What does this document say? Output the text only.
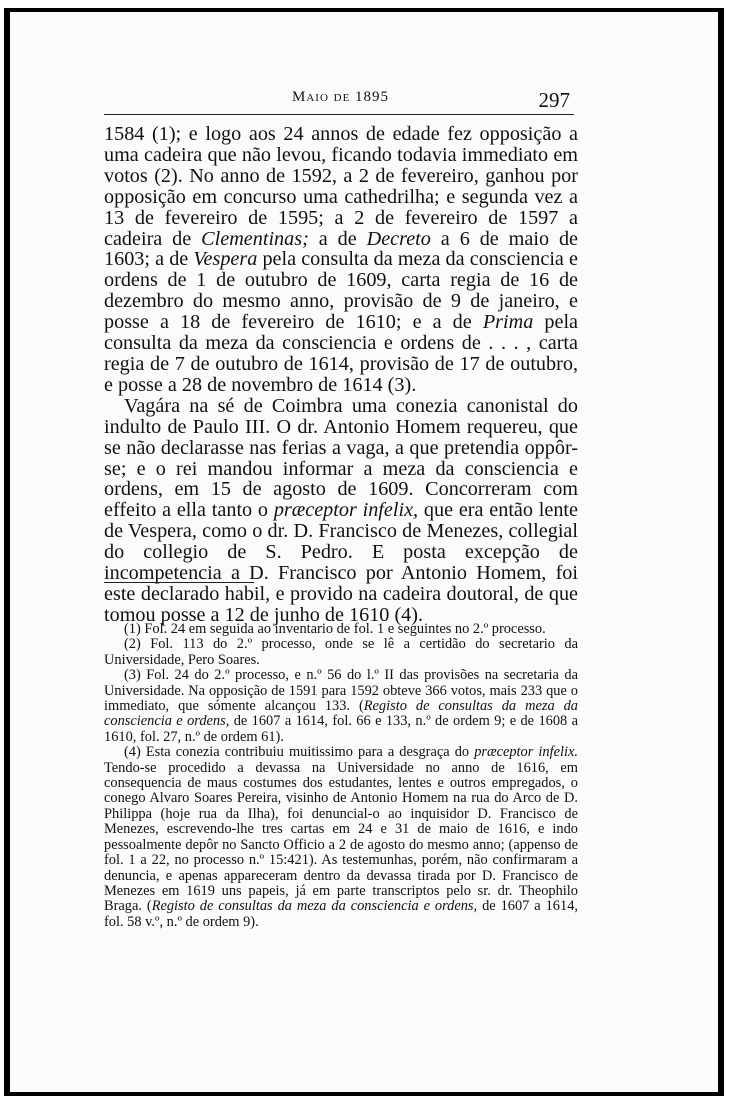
Maio de 1895	297

1584 (1); e logo aos 24 annos de edade fez opposição a uma cadeira que não levou, ficando todavia immediato em votos (2). No anno de 1592, a 2 de fevereiro, ganhou por opposição em concurso uma cathedrilha; e segunda vez a 13 de fevereiro de 1595; a 2 de fevereiro de 1597 a cadeira de Clementinas; a de Decreto a 6 de maio de 1603; a de Vespera pela consulta da meza da consciencia e ordens de 1 de outubro de 1609, carta regia de 16 de dezembro do mesmo anno, provisão de 9 de janeiro, e posse a 18 de fevereiro de 1610; e a de Prima pela consulta da meza da consciencia e ordens de . . . , carta regia de 7 de outubro de 1614, provisão de 17 de outubro, e posse a 28 de novembro de 1614 (3).

Vagára na sé de Coimbra uma conezia canonistal do indulto de Paulo III. O dr. Antonio Homem requereu, que se não declarasse nas ferias a vaga, a que pretendia oppôr-se; e o rei mandou informar a meza da consciencia e ordens, em 15 de agosto de 1609. Concorreram com effeito a ella tanto o præceptor infelix, que era então lente de Vespera, como o dr. D. Francisco de Menezes, collegial do collegio de S. Pedro. E posta excepção de incompetencia a D. Francisco por Antonio Homem, foi este declarado habil, e provido na cadeira doutoral, de que tomou posse a 12 de junho de 1610 (4).

(1) Fol. 24 em seguida ao inventario de fol. 1 e seguintes no 2.º processo.

(2) Fol. 113 do 2.º processo, onde se lê a certidão do secretario da Universidade, Pero Soares.

(3) Fol. 24 do 2.º processo, e n.º 56 do l.º II das provisões na secretaria da Universidade. Na opposição de 1591 para 1592 obteve 366 votos, mais 233 que o immediato, que sómente alcançou 133. (Registo de consultas da meza da consciencia e ordens, de 1607 a 1614, fol. 66 e 133, n.º de ordem 9; e de 1608 a 1610, fol. 27, n.º de ordem 61).

(4) Esta conezia contribuiu muitissimo para a desgraça do præceptor infelix. Tendo-se procedido a devassa na Universidade no anno de 1616, em consequencia de maus costumes dos estudantes, lentes e outros empregados, o conego Alvaro Soares Pereira, visinho de Antonio Homem na rua do Arco de D. Philippa (hoje rua da Ilha), foi denuncial-o ao inquisidor D. Francisco de Menezes, escrevendo-lhe tres cartas em 24 e 31 de maio de 1616, e indo pessoalmente depôr no Sancto Officio a 2 de agosto do mesmo anno; (appenso de fol. 1 a 22, no processo n.º 15:421). As testemunhas, porém, não confirmaram a denuncia, e apenas appareceram dentro da devassa tirada por D. Francisco de Menezes em 1619 uns papeis, já em parte transcriptos pelo sr. dr. Theophilo Braga. (Registo de consultas da meza da consciencia e ordens, de 1607 a 1614, fol. 58 v.º, n.º de ordem 9).
